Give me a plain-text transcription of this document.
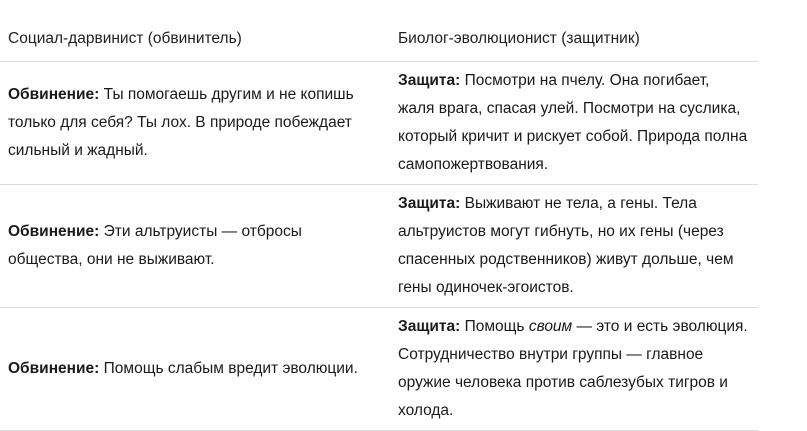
Социал-дарвинист (обвинитель)	Биолог-эволюционист (защитник)
Обвинение: Ты помогаешь другим и не копишь только для себя? Ты лох. В природе побеждает сильный и жадный.	Защита: Посмотри на пчелу. Она погибает, жаля врага, спасая улей. Посмотри на суслика, который кричит и рискует собой. Природа полна самопожертвования.
Обвинение: Эти альтруисты — отбросы общества, они не выживают.	Защита: Выживают не тела, а гены. Тела альтруистов могут гибнуть, но их гены (через спасенных родственников) живут дольше, чем гены одиночек-эгоистов.
Обвинение: Помощь слабым вредит эволюции.	Защита: Помощь своим — это и есть эволюция. Сотрудничество внутри группы — главное оружие человека против саблезубых тигров и холода.
